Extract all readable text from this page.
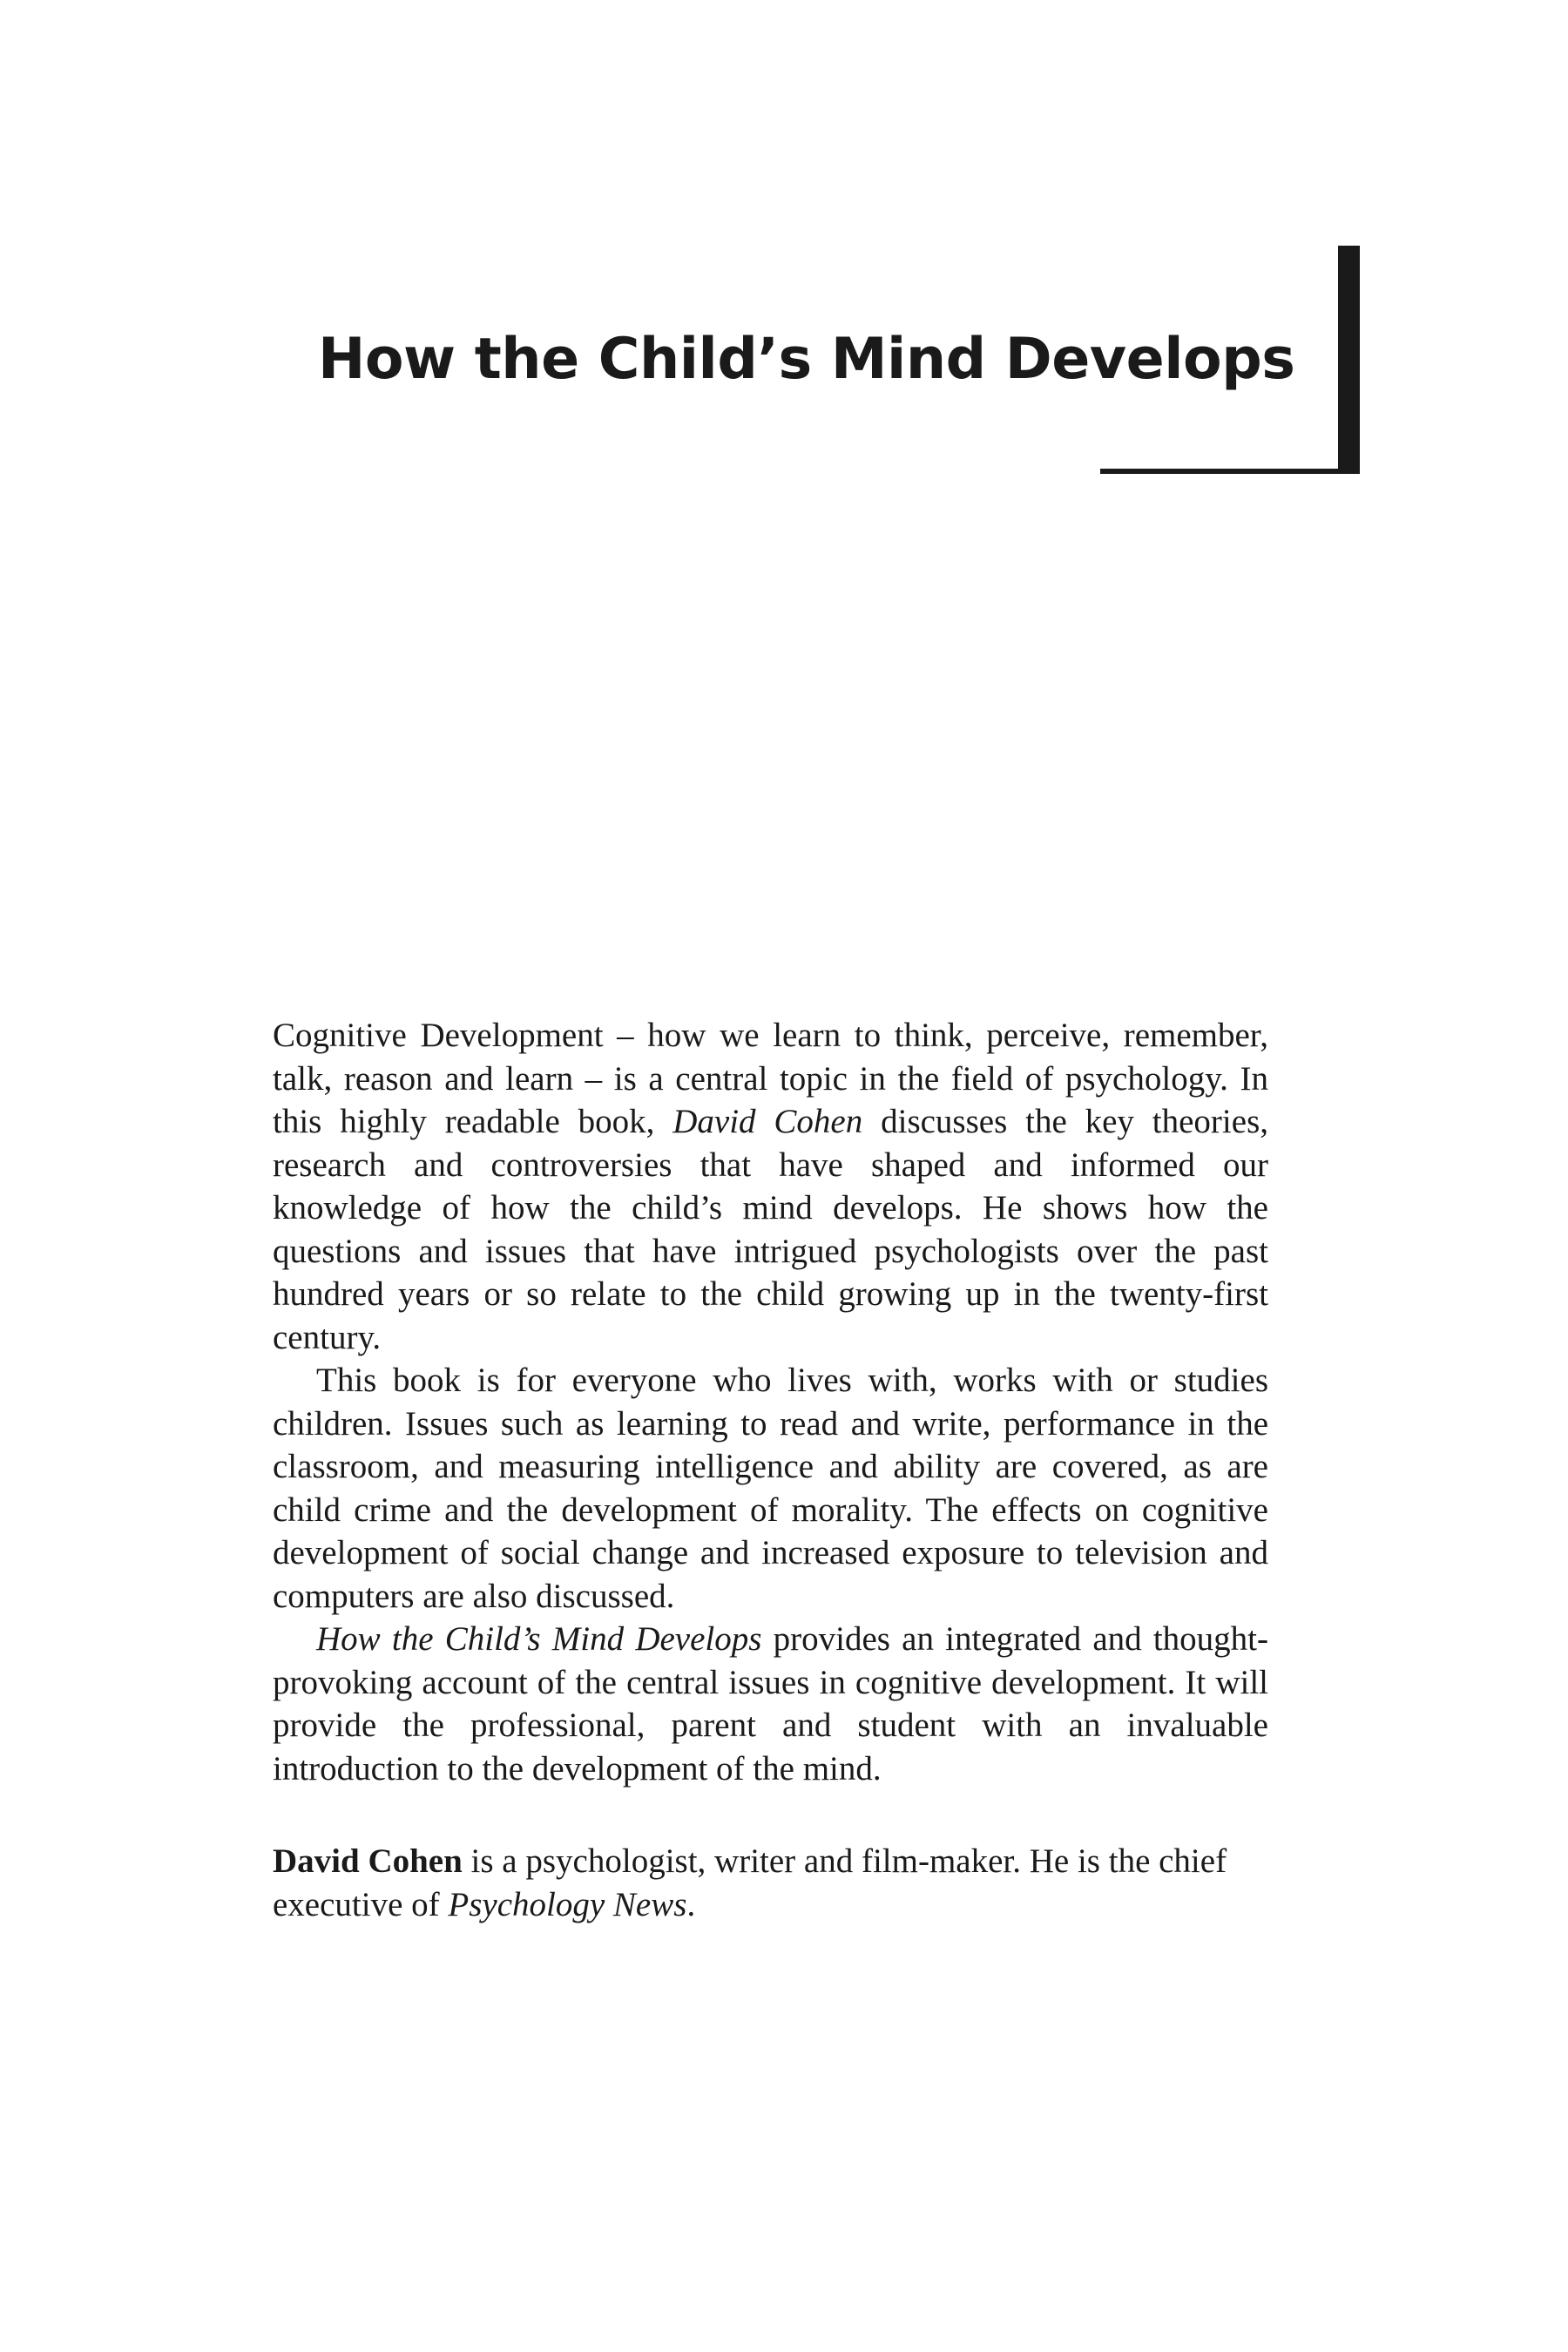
How the Child’s Mind Develops

Cognitive Development – how we learn to think, perceive, remember, talk, reason and learn – is a central topic in the field of psychology. In this highly readable book, David Cohen discusses the key theories, research and controversies that have shaped and informed our knowledge of how the child’s mind develops. He shows how the questions and issues that have intrigued psychologists over the past hundred years or so relate to the child growing up in the twenty-first century.

This book is for everyone who lives with, works with or studies children. Issues such as learning to read and write, performance in the classroom, and measuring intelligence and ability are covered, as are child crime and the development of morality. The effects on cognitive development of social change and increased exposure to television and computers are also discussed.

How the Child’s Mind Develops provides an integrated and thought-provoking account of the central issues in cognitive development. It will provide the professional, parent and student with an invaluable introduction to the development of the mind.

David Cohen is a psychologist, writer and film-maker. He is the chief executive of Psychology News.
